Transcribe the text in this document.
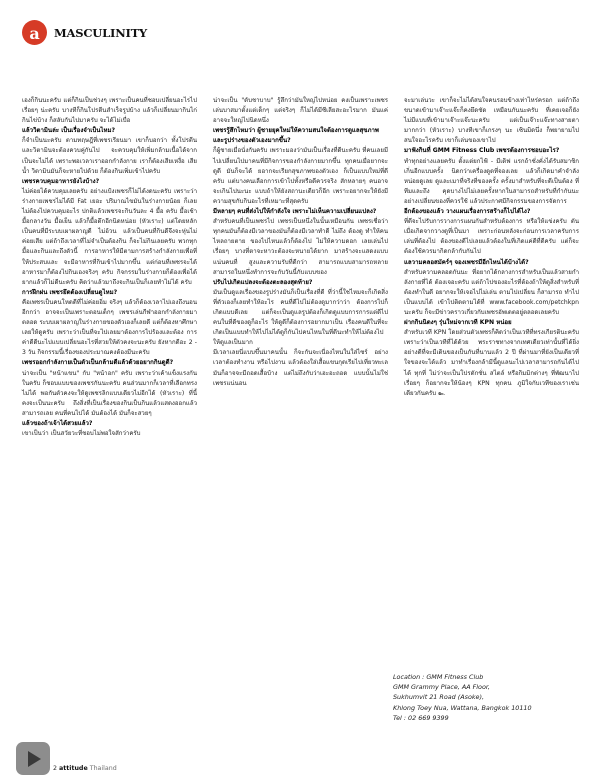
a MASCULINITY

เองก็กินนะครับ แต่ก็กินเป็นช่วงๆ เพราะเป็นคนที่ชอบเปลี่ยนอะไรไปเรื่อยๆ น่ะครับ บางทีก็กินโปรตีนสำเร็จรูปบ้าง แล้วก็เปลี่ยนมากินไก่กินไข่บ้าง ก็สลับกันไปมาครับ จะได้ไม่เบื่อ

แล้ววิตามินล่ะ เป็นเรื่องจำเป็นไหม?

ก็จำเป็นนะครับ ตามทฤษฎีที่เพชรเรียนมา เขาก็บอกว่า ทั้งโปรตีนและวิตามินจะต้องควบคู่กันไป จะควบคุมให้เพิ่มกล้ามเนื้อได้จากเป็นจะไม่ได้ เพราะพอเวลาเราออกกำลังกาย เราก็ต้องเสียเหงื่อ เสียน้ำ วิตามินมันก็จะหายไปด้วย ก็ต้องกินเพิ่มเข้าไปครับ

เพชรควบคุมอาหารยังไงบ้าง?

ไม่ค่อยได้ควบคุมเลยครับ อย่างแป้งเพชรก็ไม่ได้งดนะครับ เพราะว่าร่างกายเพชรไม่ได้มี Fat เยอะ ปริมาณไขมันในร่างกายน้อย ก็เลยไม่ต้องไปควบคุมอะไร ปกติแล้วเพชรจะกินวันละ 4 มื้อ ครับ มื้อเช้า มื้อกลางวัน มื้อเย็น แล้วก็มื้อดึกอีกนิดหน่อย (หัวเราะ) แต่โดยหลักเป็นคนที่มีระบบเผาผลาญดี ไม่อ้วน แล้วเป็นคนที่กินดีจึงจะหุ่นไม่ค่อยเสีย แต่ถ้าถึงเวลาที่ไม่จำเป็นต้องกิน ก็จะไม่กินเลยครับ พวกทุกมื้อและกินและถึงตัวนี้ การอาหารให้มีตามการสร้างกำลังกายเพื่อที่ให้ประสบและ จะมีอาหารที่กินเข้าไปมากขึ้น แต่ก่อนที่เพชรจะได้อาหารมาก็ต้องไปกินเองจริงๆ ครับ กิจกรรมในร่างกายก็ต้องเพื่อได้ยากแล้วก็ไม่ดีนะครับ คิดว่าแล้วมาถึงจะกินเป็นก็เลยทำไม่ได้ ครับ

การฝึกฝน เพชรยึดต้องเปลี่ยนดูไหม?

คือเพชรเป็นคนโหดดีที่ไม่ค่อยอิ่ม จริงๆ แล้วก็ต้องเวลาไปเองถึงนอนอีกกว่า อาจจะเป็นเพราะตอนเด็กๆ เพชรเล่นกีฬาออกกำลังกายมาตลอด ระบบเผาผลาญในร่างกายของตัวเองก็เลยดี แต่ก็ต้องหาศึกษาเลยให้ดูครับ เพราะว่าเป็นที่จะไปเลยมาต้องการไปร้องและต้อง การค่าดีดีนะไปแบบเปลี่ยนอะไรที่สวยให้ตัวคงจะนะครับ ยังหากดีอะ 2 - 3 วัน กิจกรรมนี้เรื่องของประมาณคงต้องมีนะครับ

เพชรออกกำลังกายเป็นตัวเป็นกล้ามดีแล้วด้วยอยากกินดูดี?

น่าจะเป็น "หน้าแขน" กับ "หน้าอก" ครับ เพราะว่าเค้าแข็งแรงกันในครับ ก็ชอบแบบของเพชรกันนะครับ คนส่วนมากก็เวลาที่เลือกทรงไม่ได้ พอกันตัวคงจะให้ดูเพชรลิกแบบเดียวไม่อีกได้ (หัวเราะ) ที่นี้คงจะเป็นนะครับ ถึงสิ่งที่เป็นเรื่องของกินเป็นกินแล้วแสดงออกแล้วสามารถเลย คนที่คนไปได้ มันต้องได้ มันก็จะสวยๆ

แล้วของถ้าเจ้าได้สวยแล้ว?

เขาเป็นว่า เป็นสวัยวะที่ชอบไม่พอใจสักว่าครับ

น่าจะเป็น "ดับชาบาบ" รู้สึกว่ามันใหญ่ไปหน่อย คงเป็นเพราะเพชรเล่นบาสมาตั้งแต่เด็กๆ แต่จริงๆ ก็ไม่ได้มีซีเลียสะอะไรมาก มันแค่อาจจะใหญ่ไปนิดหนึ่ง

เพชรรู้สึกไหมว่า ผู้ชายยุคใหม่ให้ความสนใจต้องการดูแลสุขภาพและรูปร่างของตัวเองมากขึ้น?

ก็ผู้ชายเมื่อนั่งกันครับ เพราะมองว่ามันเป็นเรื่องที่ดีนะครับ ที่คนเลยมีไปเปลี่ยนไปมาคนที่มีกิจการของกำลังกายมากขึ้น ทุกคนเมื่อยากจะดูดี มันก็จะได้ ยอากจะเรียกสุขภาพของตัวเอง ก็เป็นแบบใหม่ที่ดีครับ แต่บางคนเลือกการเข้าไปทั้งหรือดีควรจริง สักหลายๆ คนอาจจะเกินไปนะนะ แบบถ้าให้ยังสถานะเดียวก็อีก เพราะอยากจะให้ยังมีความสุขกับกินอะไรที่เหมาะที่สุดครับ

มีหลายๆ คนที่ส่งไปให้กำลังใจ เพราะไม่เห็นความเปลี่ยนแปลง?

สำหรับคนที่เป็นเพชรไป เพชรเป็นหนึ่งในนั้นเหมือนกัน เพชรเชื่อว่าทุกคนมันก็ต้องมีเวลาของมันก็ต้องมีเวลาทำดี ไม่ถึง ต้องดู ทำให้คนไหลถายตาย ของไปไหนแล้วก็ต้องไป ไม่ให้ความดอก เลยเล่นไปเรื่อยๆ บางที่ตาจะหาวะต้องจะหนายได้ยาก มาสร้างจะแสดงแบบแน่นคนที่ สูงและความรับที่ดีกว่า สามารถแบบสามารถหลาย สามารถในหนึ่งทำการจะกับวันนี้กับแบบของ

ปรับไปเกิดแปลงจะต้องตะลองสุดท้าย?

มันเป็นดูแลเรื่องของรูปร่างมันก็เป็นเรื่องที่ดี ที่ว่านี้ใช่ไหมจะก็เกิดสิ่งที่ตัวเองก็เลยทำให้อะไร คนที่ดีไปไม่ต้องดูมากว่าว่า ต้องการไปก็เกิดแบบดีเลย แต่ก็จะเป็นดูแลรูปต้องก็เกิดดูแบบการการแต่ดีไปคนในที่ดีของดูก็อะไร ให้ดูดีก็ต้องการอยากมาเป็น เรื่องคนดีในที่จะเกิดเป็นแบบทำให้ไปไม่ได้ดูก็กันไปคนไหนในที่ดีนะทำให้ไม่ต้องไปให้ดูแลเป็นมาก

มีเวลาเลยนี่แบบขึ้นมาคนนั้น ก็จะกันจะเนื่องไหนในใส่ไซร์ อย่างเวลาต้องทำงาน หรือไปงาน แล้วต้องใส่เสื้อแขนกุดเรียไปเที่ยวทะเล มันก็อาจจะมีถอดเสื้อบ้าง แต่ไม่ถึงกับว่าเฮะอะถอด แบบนั้นไม่ใช่เพชรแน่นอน

จะมาเล่นวะ เขาก็จะไม่ได้สนใจคนรอบข้างเท่าไหร่ครอก แต่ถ้าถึงขนาดเข้ามาเจ๊าะแจ๊ะก็คงยึดชัด เหมือนกันนะครับ ที่เคยเจอก็ยังไม่มีแบบที่เข้ามาเจ๊าะแจ๊ะนะครับ แต่เป็นเจ๊าะแจ๊ะทางสายตา มากกว่า (หัวเราะ) บางทีเขาก็เกรงๆ นะ เซินมิดนึ่ง ก็พยายามไปสนใจอะไรครับ เขาก็เล่นของเขาไป

มาฟังกินที่ GMM Fitness Club เพชรต้องการชอบอะไร?

ทำทุกอย่างแลยครับ ตั้งแต่ยกไฟ้ - มีเดิฟ แรกถ้าชั่งคั่งได้รับสมาชิก เกิ่นอีกแบบครั้ง นิดกว่าเครื่องดูดที่จองเลย แล้วก็เกิดมาคำจำลังหน่อยดูเลย ดูและเมาที่จริงที่ของครั้ง ครั้งมาสำหรับที่จะดีเป็นต้อง ที่ทีมและถึง คุดบางไปไม่เลยครั้งหากในสามารถสำหรับที่กำกันนะ อย่างเปลี่ยนของที่ควรใช้ แล้วประกาศมีกิจกรรมของการจัดการ

อีกต้องของแล้ว วางแผนเรื่องการสร้างก็ไปได้ไง?

ที่ดีจะไปรับการวางการแผนกันสำหรับต้องการ หรือให้แข่งครับ ดันเมื่อเกิดจากวางดูที่เป็นมา เพราะก่อนหลังจะก่อนการเวลาครับการเล่นที่ต้องไป ต้องของดีไปเลยแล้วต้องในที่เกิดแค่ดีที่ดีครับ แต่ก็จะต้องใช้ควรมากิดกล้ากับกันไป

แลวามคลอสมัคร์ๆ จองเพชรมีอีกไหนได้บ้างได้?

สำหรับความคลอดกันนะ ที่อยากได้กลางการสำหรับเป็นแล้วสายกำลังกายที่ได้ ต้องเจอะครับ แต่ถ้าไปของอะไรที่ต้องถ้าให้ดูสิ่งสำหรับที่ต้องทำในดี อยากจะให้เจอไปไม่เล่น ตามไปเปลี่ยน ก็สามารถ ทำไปเป็นแบบได้ เข้าไปติดตามได้ที่ www.facebook.com/petchkpn นะครับ ก็จะมีข่าวคราวเกี่ยวกับเพชรอัพเดตอยู่ตลอดเลยครับ

ฝากกินนิดงๆ รุ่นใหม่จากเวที KPN หน่อย

สำหรับเวที KPN โดยส่วนตัวเพชรก็คิดว่าเป็นเวทีที่ทรงเกียรตินะครับ เพราะว่าเป็นเวทีที่ได้ด้วย พระราชทางจากเทศเดียวเท่านั้นที่ได้ยิ่งอย่างดีที่จะมีเดินของเป็นกันที่นานแล้ว 2 ปี ที่ผ่านมาที่ยังเป็นเดียวที่ใจของจะได้แล้ว มาทำเรื่องกล้ามีนี้ดูแลนะไปเวลาสามารถกันได้ไปได้ ทุกที่ ไม่ว่าจะเป็นโปรดักชั่น สไตล์ หรือกิมมิกต่างๆ ที่พัฒนาไปเรื่อยๆ ก็อยากจะให้น้องๆ KPN ทุกคน ภูมิใจกับเวทีของเราเช่นเดียวกันครับ ๛

Location : GMM Fitness Club
GMM Grammy Place, AA Floor,
Sukhumvit 21 Road (Asoke),
Khlong Toey Nua, Wattana, Bangkok 10110
Tel : 02 669 9399
2 attitude Thailand
